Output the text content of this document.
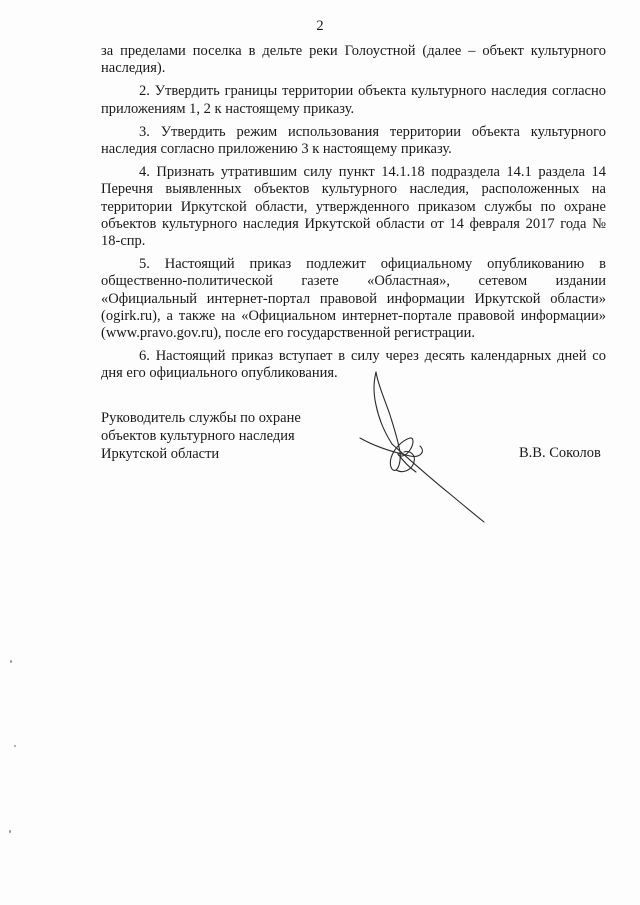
2

за пределами поселка в дельте реки Голоустной (далее – объект культурного наследия).

2. Утвердить границы территории объекта культурного наследия согласно приложениям 1, 2 к настоящему приказу.

3. Утвердить режим использования территории объекта культурного наследия согласно приложению 3 к настоящему приказу.

4. Признать утратившим силу пункт 14.1.18 подраздела 14.1 раздела 14 Перечня выявленных объектов культурного наследия, расположенных на территории Иркутской области, утвержденного приказом службы по охране объектов культурного наследия Иркутской области от 14 февраля 2017 года № 18-спр.

5. Настоящий приказ подлежит официальному опубликованию в общественно-политической газете «Областная», сетевом издании «Официальный интернет-портал правовой информации Иркутской области» (ogirk.ru), а также на «Официальном интернет-портале правовой информации» (www.pravo.gov.ru), после его государственной регистрации.

6. Настоящий приказ вступает в силу через десять календарных дней со дня его официального опубликования.

Руководитель службы по охране
объектов культурного наследия
Иркутской области	В.В. Соколов
